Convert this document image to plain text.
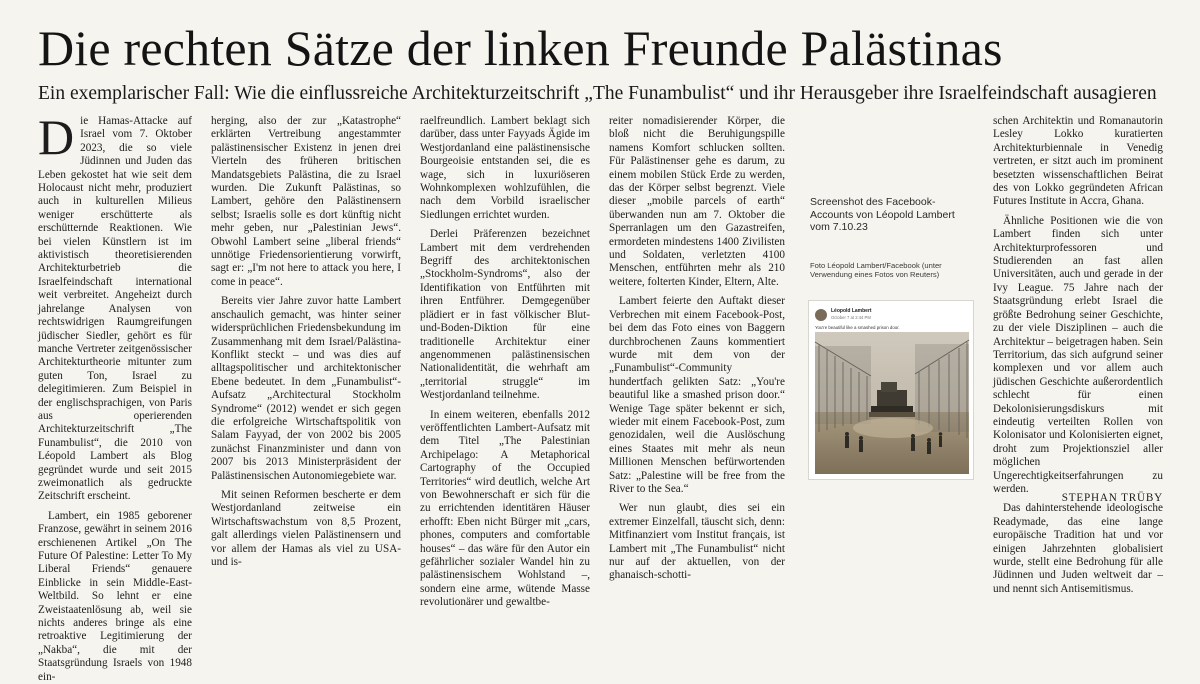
Die rechten Sätze der linken Freunde Palästinas
Ein exemplarischer Fall: Wie die einflussreiche Architekturzeitschrift „The Funambulist“ und ihr Herausgeber ihre Israelfeindschaft ausagieren

Die Hamas-Attacke auf Israel vom 7. Oktober 2023, die so viele Jüdinnen und Juden das Leben gekostet hat wie seit dem Holocaust nicht mehr, produziert auch in kulturellen Milieus weniger erschütterte als erschütternde Reaktionen. Wie bei vielen Künstlern ist im aktivistisch theoretisierenden Architekturbetrieb die Israelfeindschaft international weit verbreitet. Angeheizt durch jahrelange Analysen von rechtswidrigen Raumgreifungen jüdischer Siedler, gehört es für manche Vertreter zeitgenössischer Architekturtheorie mitunter zum guten Ton, Israel zu delegitimieren. Zum Beispiel in der englischsprachigen, von Paris aus operierenden Architekturzeitschrift „The Funambulist“, die 2010 von Léopold Lambert als Blog gegründet wurde und seit 2015 zweimonatlich als gedruckte Zeitschrift erscheint.

Lambert, ein 1985 geborener Franzose, gewährt in seinem 2016 erschienenen Artikel „On The Future Of Palestine: Letter To My Liberal Friends“ genauere Einblicke in sein Middle-East-Weltbild. So lehnt er eine Zweistaatenlösung ab, weil sie nichts anderes bringe als eine retroaktive Legitimierung der „Nakba“, die mit der Staatsgründung Israels von 1948 ein-

herging, also der zur „Katastrophe“ erklärten Vertreibung angestammter palästinensischer Existenz in jenen drei Vierteln des früheren britischen Mandatsgebiets Palästina, die zu Israel wurden. Die Zukunft Palästinas, so Lambert, gehöre den Palästinensern selbst; Israelis solle es dort künftig nicht mehr geben, nur „Palestinian Jews“. Obwohl Lambert seine „liberal friends“ unnötige Friedensorientierung vorwirft, sagt er: „I'm not here to attack you here, I come in peace“.

Bereits vier Jahre zuvor hatte Lambert anschaulich gemacht, was hinter seiner widersprüchlichen Friedensbekundung im Zusammenhang mit dem Israel/Palästina-Konflikt steckt – und was dies auf alltagspolitischer und architektonischer Ebene bedeutet. In dem „Funambulist“-Aufsatz „Architectural Stockholm Syndrome“ (2012) wendet er sich gegen die erfolgreiche Wirtschaftspolitik von Salam Fayyad, der von 2002 bis 2005 zunächst Finanzminister und dann von 2007 bis 2013 Ministerpräsident der Palästinensischen Autonomiegebiete war.

Mit seinen Reformen bescherte er dem Westjordanland zeitweise ein Wirtschaftswachstum von 8,5 Prozent, galt allerdings vielen Palästinensern und vor allem der Hamas als viel zu USA- und is-

raelfreundlich. Lambert beklagt sich darüber, dass unter Fayyads Ägide im Westjordanland eine palästinensische Bourgeoisie entstanden sei, die es wage, sich in luxuriöseren Wohnkomplexen wohlzufühlen, die nach dem Vorbild israelischer Siedlungen errichtet wurden.

Derlei Präferenzen bezeichnet Lambert mit dem verdrehenden Begriff des architektonischen „Stockholm-Syndroms“, also der Identifikation von Entführten mit ihren Entführer. Demgegenüber plädiert er in fast völkischer Blut-und-Boden-Diktion für eine traditionelle Architektur einer angenommenen palästinensischen Nationalidentität, die wehrhaft am „territorial struggle“ im Westjordanland teilnehme.

In einem weiteren, ebenfalls 2012 veröffentlichten Lambert-Aufsatz mit dem Titel „The Palestinian Archipelago: A Metaphorical Cartography of the Occupied Territories“ wird deutlich, welche Art von Bewohnerschaft er sich für die zu errichtenden identitären Häuser erhofft: Eben nicht Bürger mit „cars, phones, computers and comfortable houses“ – das wäre für den Autor ein gefährlicher sozialer Wandel hin zu palästinensischem Wohlstand –, sondern eine arme, wütende Masse revolutionärer und gewaltbe-

reiter nomadisierender Körper, die bloß nicht die Beruhigungspille namens Komfort schlucken sollten. Für Palästinenser gehe es darum, zu einem mobilen Stück Erde zu werden, das der Körper selbst begrenzt. Viele dieser „mobile parcels of earth“ überwanden nun am 7. Oktober die Sperranlagen um den Gazastreifen, ermordeten mindestens 1400 Zivilisten und Soldaten, verletzten 4100 Menschen, entführten mehr als 210 weitere, folterten Kinder, Eltern, Alte.

Lambert feierte den Auftakt dieser Verbrechen mit einem Facebook-Post, bei dem das Foto eines von Baggern durchbrochenen Zauns kommentiert wurde mit dem von der „Funambulist“-Community hundertfach gelikten Satz: „You're beautiful like a smashed prison door.“ Wenige Tage später bekennt er sich, wieder mit einem Facebook-Post, zum genozidalen, weil die Auslöschung eines Staates mit mehr als neun Millionen Menschen befürwortenden Satz: „Palestine will be free from the River to the Sea.“

Wer nun glaubt, dies sei ein extremer Einzelfall, täuscht sich, denn: Mitfinanziert vom Institut français, ist Lambert mit „The Funambulist“ nicht nur auf der aktuellen, von der ghanaisch-schotti-

Screenshot des Facebook-Accounts von Léopold Lambert vom 7.10.23
Foto Léopold Lambert/Facebook (unter Verwendung eines Fotos von Reuters)
Léopold Lambert
October 7 at 2:44 PM
You're beautiful like a smashed prison door.

schen Architektin und Romanautorin Lesley Lokko kuratierten Architekturbiennale in Venedig vertreten, er sitzt auch im prominent besetzten wissenschaftlichen Beirat des von Lokko gegründeten African Futures Institute in Accra, Ghana.

Ähnliche Positionen wie die von Lambert finden sich unter Architekturprofessoren und Studierenden an fast allen Universitäten, auch und gerade in der Ivy League. 75 Jahre nach der Staatsgründung erlebt Israel die größte Bedrohung seiner Geschichte, zu der viele Disziplinen – auch die Architektur – beigetragen haben. Sein Territorium, das sich aufgrund seiner komplexen und vor allem auch jüdischen Geschichte außerordentlich schlecht für einen Dekolonisierungsdiskurs mit eindeutig verteilten Rollen von Kolonisator und Kolonisierten eignet, droht zum Projektionsziel aller möglichen Ungerechtigkeitserfahrungen zu werden.

Das dahinterstehende ideologische Readymade, das eine lange europäische Tradition hat und vor einigen Jahrzehnten globalisiert wurde, stellt eine Bedrohung für alle Jüdinnen und Juden weltweit dar – und nennt sich Antisemitismus.

STEPHAN TRÜBY
